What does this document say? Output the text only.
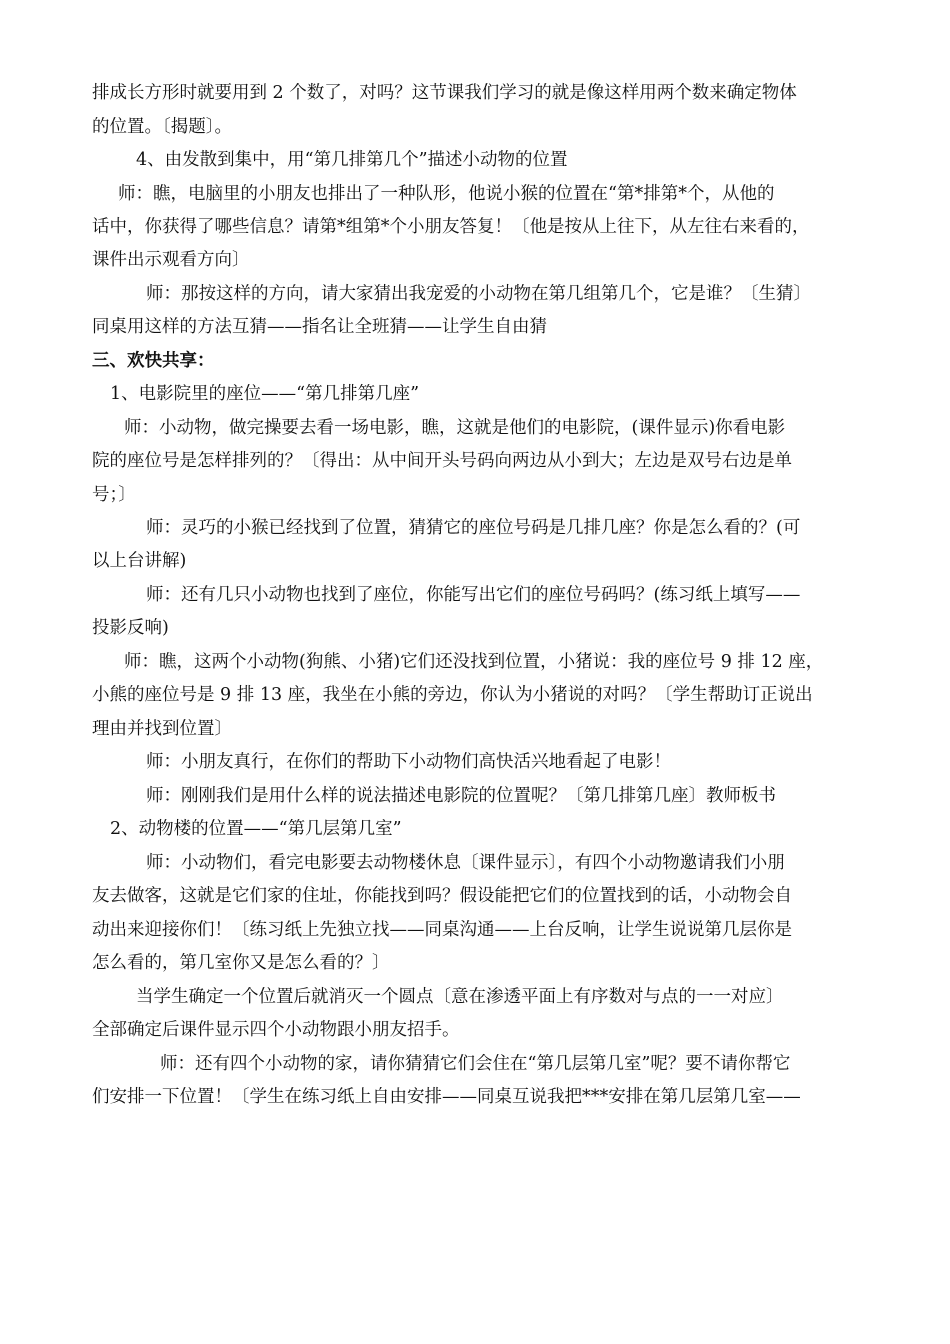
排成长方形时就要用到 2 个数了，对吗？这节课我们学习的就是像这样用两个数来确定物体
的位置。〔揭题〕。
4、由发散到集中，用“第几排第几个”描述小动物的位置
师：瞧，电脑里的小朋友也排出了一种队形，他说小猴的位置在“第*排第*个，从他的
话中，你获得了哪些信息？请第*组第*个小朋友答复！〔他是按从上往下，从左往右来看的，
课件出示观看方向〕
师：那按这样的方向，请大家猜出我宠爱的小动物在第几组第几个，它是谁？〔生猜〕
同桌用这样的方法互猜——指名让全班猜——让学生自由猜
三、欢快共享：
1、电影院里的座位——“第几排第几座”
师：小动物，做完操要去看一场电影，瞧，这就是他们的电影院，(课件显示)你看电影
院的座位号是怎样排列的？〔得出：从中间开头号码向两边从小到大；左边是双号右边是单
号；〕
师：灵巧的小猴已经找到了位置，猜猜它的座位号码是几排几座？你是怎么看的？(可
以上台讲解)
师：还有几只小动物也找到了座位，你能写出它们的座位号码吗？(练习纸上填写——
投影反响)
师：瞧，这两个小动物(狗熊、小猪)它们还没找到位置，小猪说：我的座位号 9 排 12 座，
小熊的座位号是 9 排 13 座，我坐在小熊的旁边，你认为小猪说的对吗？〔学生帮助订正说出
理由并找到位置〕
师：小朋友真行，在你们的帮助下小动物们高快活兴地看起了电影！
师：刚刚我们是用什么样的说法描述电影院的位置呢？〔第几排第几座〕教师板书
2、动物楼的位置——“第几层第几室”
师：小动物们，看完电影要去动物楼休息〔课件显示〕，有四个小动物邀请我们小朋
友去做客，这就是它们家的住址，你能找到吗？假设能把它们的位置找到的话，小动物会自
动出来迎接你们！〔练习纸上先独立找——同桌沟通——上台反响，让学生说说第几层你是
怎么看的，第几室你又是怎么看的？〕
当学生确定一个位置后就消灭一个圆点〔意在渗透平面上有序数对与点的一一对应〕
全部确定后课件显示四个小动物跟小朋友招手。
师：还有四个小动物的家，请你猜猜它们会住在“第几层第几室”呢？要不请你帮它
们安排一下位置！〔学生在练习纸上自由安排——同桌互说我把***安排在第几层第几室——
